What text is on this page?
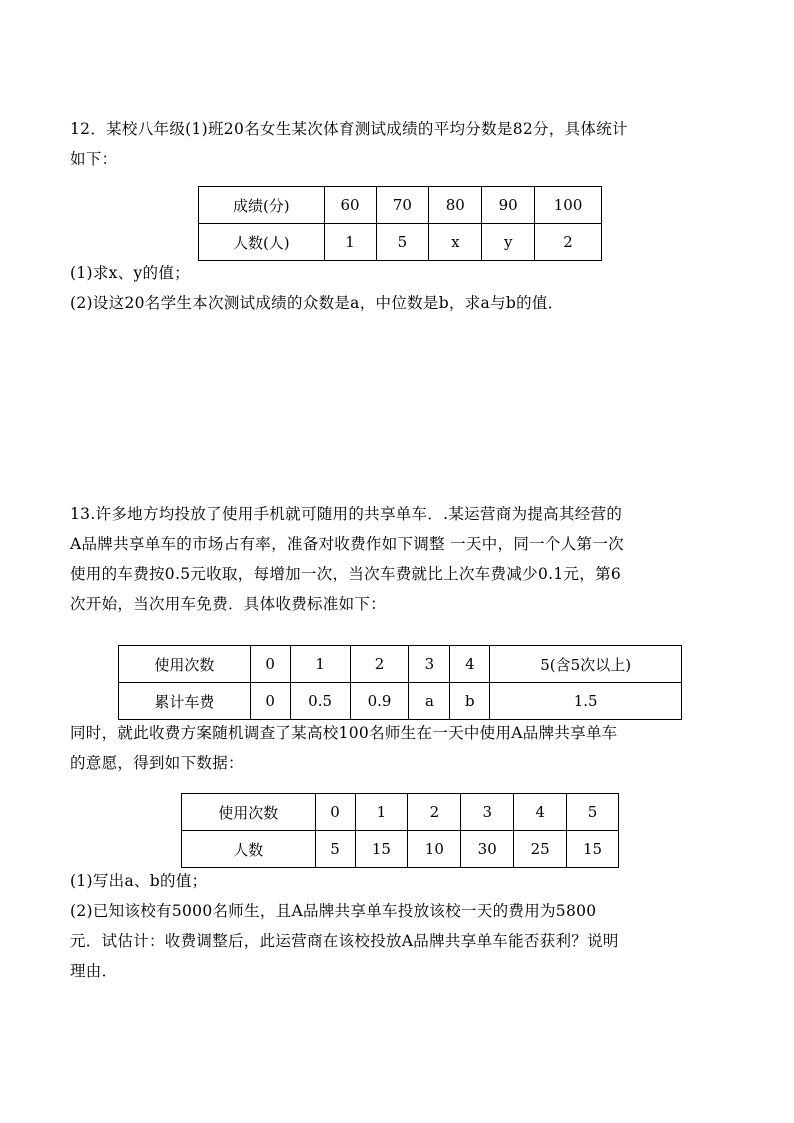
12．某校八年级(1)班20名女生某次体育测试成绩的平均分数是82分，具体统计
如下：
成绩(分)	60	70	80	90	100
人数(人)	1	5	x	y	2
(1)求x、y的值；
(2)设这20名学生本次测试成绩的众数是a，中位数是b，求a与b的值．
13.许多地方均投放了使用手机就可随用的共享单车．.某运营商为提高其经营的
A品牌共享单车的市场占有率，准备对收费作如下调整 一天中，同一个人第一次
使用的车费按0.5元收取，每增加一次，当次车费就比上次车费减少0.1元，第6
次开始，当次用车免费．具体收费标准如下：
使用次数	0	1	2	3	4	5(含5次以上)
累计车费	0	0.5	0.9	a	b	1.5
同时，就此收费方案随机调查了某高校100名师生在一天中使用A品牌共享单车
的意愿，得到如下数据：
使用次数	0	1	2	3	4	5
人数	5	15	10	30	25	15
(1)写出a、b的值；
(2)已知该校有5000名师生，且A品牌共享单车投放该校一天的费用为5800
元．试估计：收费调整后，此运营商在该校投放A品牌共享单车能否获利？说明
理由．
